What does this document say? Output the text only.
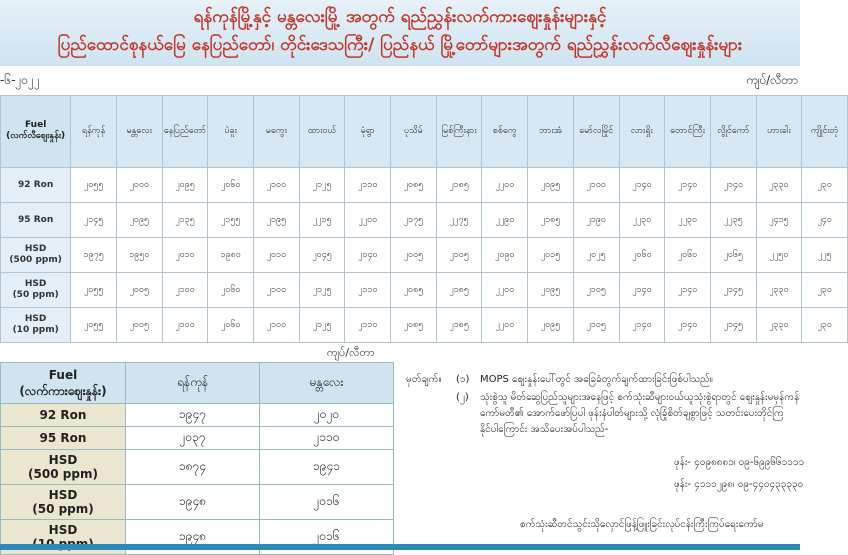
ရန်ကုန်မြို့နှင့် မန္တလေးမြို့ အတွက် ရည်ညွှန်းလက်ကားဈေးနှုန်းများနှင့်
ပြည်ထောင်စုနယ်မြေ နေပြည်တော်၊ တိုင်းဒေသကြီး/ ပြည်နယ် မြို့တော်များအတွက် ရည်ညွှန်းလက်လီဈေးနှုန်းများ
-၆-၂၀၂၂	ကျပ်/လီတာ
Fuel
(လက်လီဈေးနှုန်း)	ရန်ကုန်	မန္တလေး	နေပြည်တော်	ပဲခူး	မကွေး	ထားဝယ်	မုံရွာ	ပုသိမ်	မြစ်ကြီးနား	စစ်ကွေ	ဘားအံ	မော်လမြိုင်	လားရှိုး	တောင်ကြီး	လွိုင်ကော်	ဟားခါး	ကျိုင်းတုံ
92 Ron	၂၀၅၅	၂၀၀၀	၂၀၉၅	၂၀၆၀	၂၁၀၀	၂၁၂၅	၂၁၁၀	၂၀၈၅	၂၁၈၅	၂၂၀၀	၂၀၉၅	၂၁၀၀	၂၁၄၀	၂၁၄၀	၂၁၄၀	၂၃၃၀	၂၃၀
95 Ron	၂၁၄၅	၂၀၉၅	၂၁၃၅	၂၁၅၅	၂၁၉၅	၂၂၁၅	၂၂၀၀	၂၁၇၅	၂၂၇၅	၂၂၉၀	၂၁၈၅	၂၁၉၀	၂၂၃၀	၂၂၃၀	၂၂၃၅	၂၄၁၅	၂၄၀
HSD
(500 ppm)	၁၉၇၅	၁၉၅၀	၂၀၁၀	၁၉၈၀	၂၀၁၀	၂၀၄၅	၂၀၄၀	၂၀၀၅	၂၁၀၅	၂၀၉၀	၂၀၁၅	၂၀၂၅	၂၀၆၀	၂၀၆၀	၂၀၆၅	၂၂၅၀	၂၂၅
HSD
(50 ppm)	၂၀၅၅	၂၀၀၅	၂၁၀၀	၂၀၆၀	၂၁၀၀	၂၁၂၅	၂၁၁၀	၂၀၈၅	၂၁၈၅	၂၂၀၀	၂၀၉၅	၂၁၀၅	၂၁၄၀	၂၁၄၀	၂၁၄၅	၂၃၃၀	၂၃၀
HSD
(10 ppm)	၂၀၅၅	၂၀၀၅	၂၁၀၀	၂၀၆၀	၂၁၀၀	၂၁၂၅	၂၁၁၀	၂၀၈၅	၂၁၈၅	၂၂၀၀	၂၀၉၅	၂၁၀၅	၂၁၄၀	၂၁၄၀	၂၁၄၅	၂၃၃၀	၂၃၀
ကျပ်/လီတာ
Fuel
(လက်ကားဈေးနှုန်း)	ရန်ကုန်	မန္တလေး
92 Ron	၁၉၄၇	၂၀၂၀
95 Ron	၂၀၃၇	၂၁၁၀
HSD
(500 ppm)	၁၈၇၄	၁၉၄၁
HSD
(50 ppm)	၁၉၄၈	၂၀၁၆
HSD	၁၉၄၈	၂၀၁၆
မှတ်ချက်။ (၁) MOPS ဈေးနှုန်းပေါ်တွင် အခြေခံတွက်ချက်ထားခြင်းဖြစ်ပါသည်။
(၂) သုံးစွဲသူ မိတ်ဆွေပြည်သူများအနေဖြင့် စက်သုံးဆီများဝယ်ယူသုံးစွဲရာတွင် ဈေးနှုန်းမမှန်ကန်
ကော်မတီ၏ အောက်ဖော်ပြပါ ဖုန်းနံပါတ်များသို့ လုံခြုံစိတ်ချစွာဖြင့် သတင်းပေးတိုင်ကြ
နိုင်ပါကြောင်း အသိပေးအပ်ပါသည်-
ဖုန်း- ၄၀၉၈၈၈၁၊ ၀၉-၆၉၉၆၆၁၁၁၁
ဖုန်း- ၄၁၁၁၂၉၈၊ ၀၉-၄၄၀၄၃၃၃၃၀
စက်သုံးဆီတင်သွင်းသိုလှောင်ဖြန့်ဖြူးခြင်းလုပ်ငန်းကြီးကြပ်ရေးကော်မ
